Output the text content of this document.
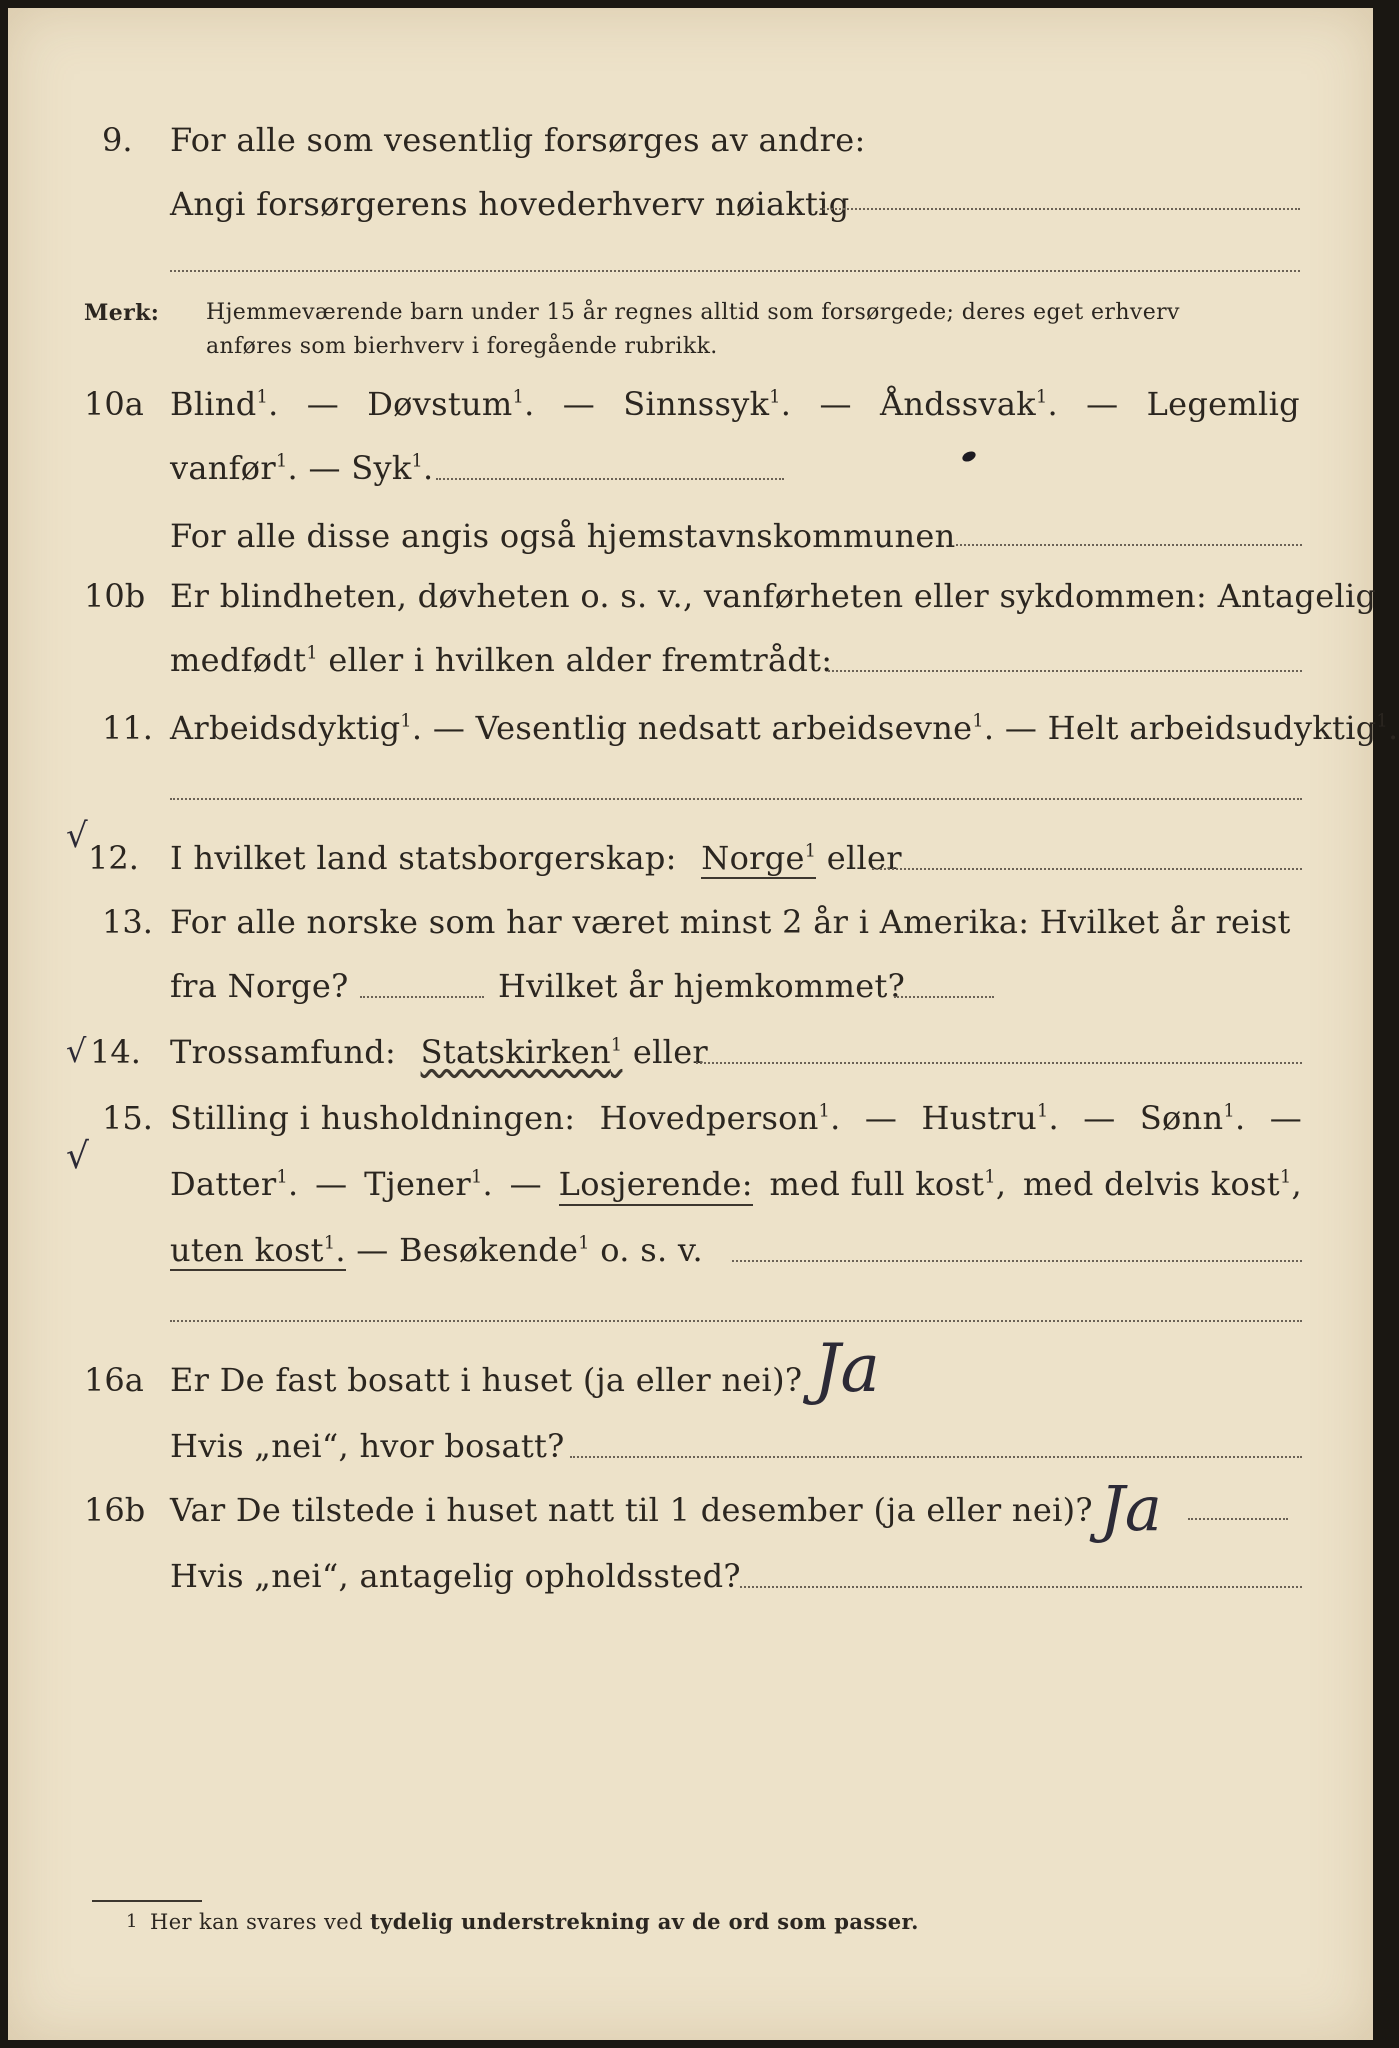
9. For alle som vesentlig forsørges av andre:
Angi forsørgerens hovederhverv nøiaktig
Merk: Hjemmeværende barn under 15 år regnes alltid som forsørgede; deres eget erhverv
anføres som bierhverv i foregående rubrikk.
10a Blind$^1$. — Døvstum$^1$. — Sinnssyk$^1$. — Åndssvak$^1$. — Legemlig
vanfør$^1$. — Syk$^1$.
For alle disse angis også hjemstavnskommunen
10b Er blindheten, døvheten o. s. v., vanførheten eller sykdommen: Antagelig
medfødt$^1$ eller i hvilken alder fremtrådt:
11. Arbeidsdyktig$^1$. — Vesentlig nedsatt arbeidsevne$^1$. — Helt arbeidsudyktig$^1$.
√
12. I hvilket land statsborgerskap: Norge$^1$ eller
13. For alle norske som har været minst 2 år i Amerika: Hvilket år reist
fra Norge?	Hvilket år hjemkommet?
√ 14. Trossamfund: Statskirken$^1$ eller
15. Stilling i husholdningen: Hovedperson$^1$. — Hustru$^1$. — Sønn$^1$. —
√
Datter$^1$. — Tjener$^1$. — Losjerende: med full kost$^1$, med delvis kost$^1$,
uten kost$^1$. — Besøkende$^1$ o. s. v.
16a Er De fast bosatt i huset (ja eller nei)? Ja
Hvis „nei“, hvor bosatt?
16b Var De tilstede i huset natt til 1 desember (ja eller nei)? Ja
Hvis „nei“, antagelig opholdssted?
1 Her kan svares ved tydelig understrekning av de ord som passer.
